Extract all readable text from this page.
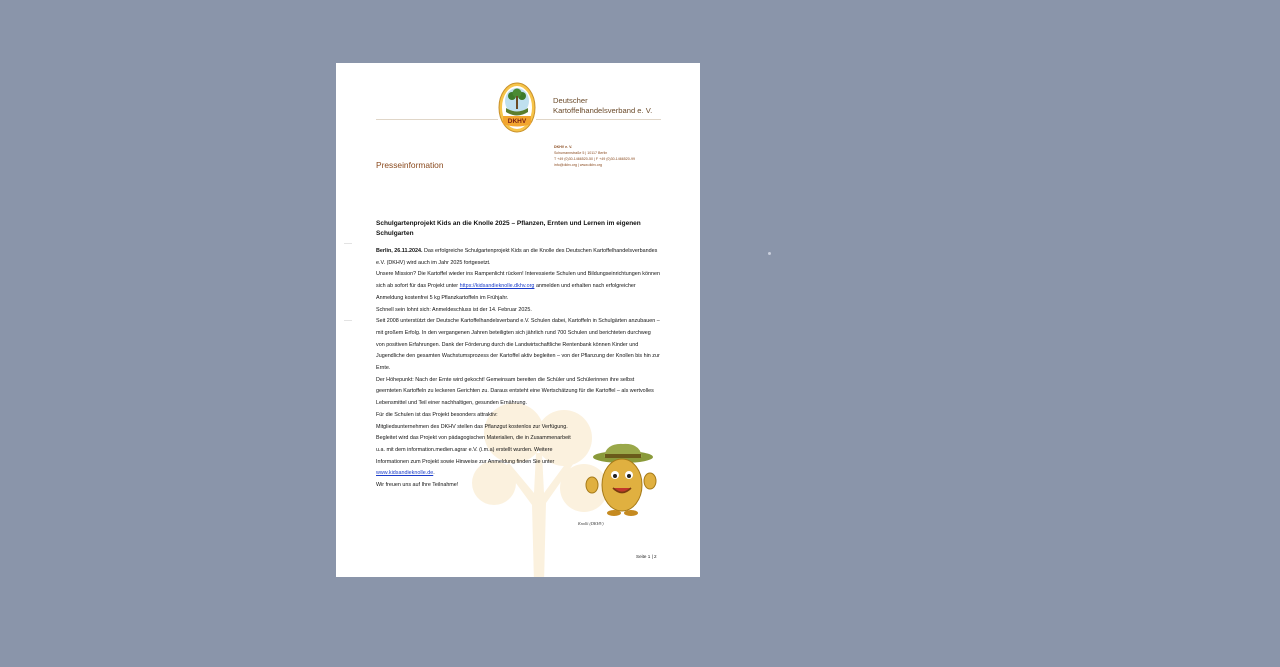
DKHV
Deutscher
Kartoffelhandelsverband e. V.
Presseinformation
DKHV e. V.
Schumannstraße 5 | 10117 Berlin
T +49 (0)30-1466520-50 | F +49 (0)30-1466520-99
info@dkhv.org | www.dkhv.org
Schulgartenprojekt Kids an die Knolle 2025 – Pflanzen, Ernten und Lernen im eigenen Schulgarten

Berlin, 26.11.2024. Das erfolgreiche Schulgartenprojekt Kids an die Knolle des Deutschen Kartoffelhandelsverbandes e.V. (DKHV) wird auch im Jahr 2025 fortgesetzt.

Unsere Mission? Die Kartoffel wieder ins Rampenlicht rücken! Interessierte Schulen und Bildungseinrichtungen können sich ab sofort für das Projekt unter https://kidsandieknolle.dkhv.org anmelden und erhalten nach erfolgreicher Anmeldung kostenfrei 5 kg Pflanzkartoffeln im Frühjahr.

Schnell sein lohnt sich: Anmeldeschluss ist der 14. Februar 2025.

Seit 2008 unterstützt der Deutsche Kartoffelhandelsverband e.V. Schulen dabei, Kartoffeln in Schulgärten anzubauen – mit großem Erfolg. In den vergangenen Jahren beteiligten sich jährlich rund 700 Schulen und berichteten durchweg von positiven Erfahrungen. Dank der Förderung durch die Landwirtschaftliche Rentenbank können Kinder und Jugendliche den gesamten Wachstumsprozess der Kartoffel aktiv begleiten – von der Pflanzung der Knollen bis hin zur Ernte.

Der Höhepunkt: Nach der Ernte wird gekocht! Gemeinsam bereiten die Schüler und Schülerinnen ihre selbst geernteten Kartoffeln zu leckeren Gerichten zu. Daraus entsteht eine Wertschätzung für die Kartoffel – als wertvolles Lebensmittel und Teil einer nachhaltigen, gesunden Ernährung.

Für die Schulen ist das Projekt besonders attraktiv:

Mitgliedsunternehmen des DKHV stellen das Pflanzgut kostenlos zur Verfügung. Begleitet wird das Projekt von pädagogischen Materialien, die in Zusammenarbeit u.a. mit dem information.medien.agrar e.V. (i.m.a) erstellt wurden. Weitere Informationen zum Projekt sowie Hinweise zur Anmeldung finden Sie unter www.kidsandieknolle.de.

Wir freuen uns auf Ihre Teilnahme!

Knolli (DKHV)
Seite 1 | 2
